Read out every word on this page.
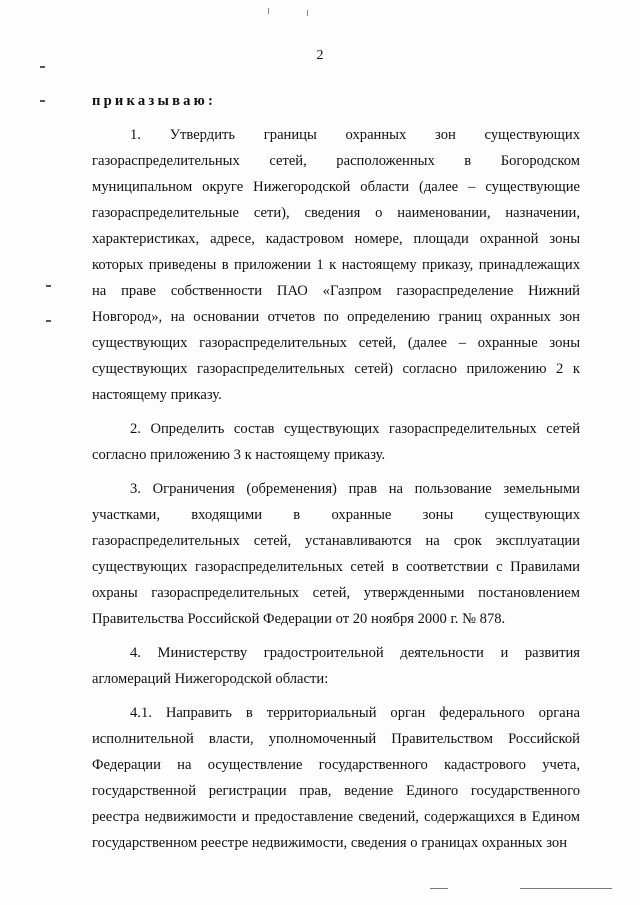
2

приказываю:

1. Утвердить границы охранных зон существующих газораспределительных сетей, расположенных в Богородском муниципальном округе Нижегородской области (далее – существующие газораспределительные сети), сведения о наименовании, назначении, характеристиках, адресе, кадастровом номере, площади охранной зоны которых приведены в приложении 1 к настоящему приказу, принадлежащих на праве собственности ПАО «Газпром газораспределение Нижний Новгород», на основании отчетов по определению границ охранных зон существующих газораспределительных сетей, (далее – охранные зоны существующих газораспределительных сетей) согласно приложению 2 к настоящему приказу.

2. Определить состав существующих газораспределительных сетей согласно приложению 3 к настоящему приказу.

3. Ограничения (обременения) прав на пользование земельными участками, входящими в охранные зоны существующих газораспределительных сетей, устанавливаются на срок эксплуатации существующих газораспределительных сетей в соответствии с Правилами охраны газораспределительных сетей, утвержденными постановлением Правительства Российской Федерации от 20 ноября 2000 г. № 878.

4. Министерству градостроительной деятельности и развития агломераций Нижегородской области:

4.1. Направить в территориальный орган федерального органа исполнительной власти, уполномоченный Правительством Российской Федерации на осуществление государственного кадастрового учета, государственной регистрации прав, ведение Единого государственного реестра недвижимости и предоставление сведений, содержащихся в Едином государственном реестре недвижимости, сведения о границах охранных зон
